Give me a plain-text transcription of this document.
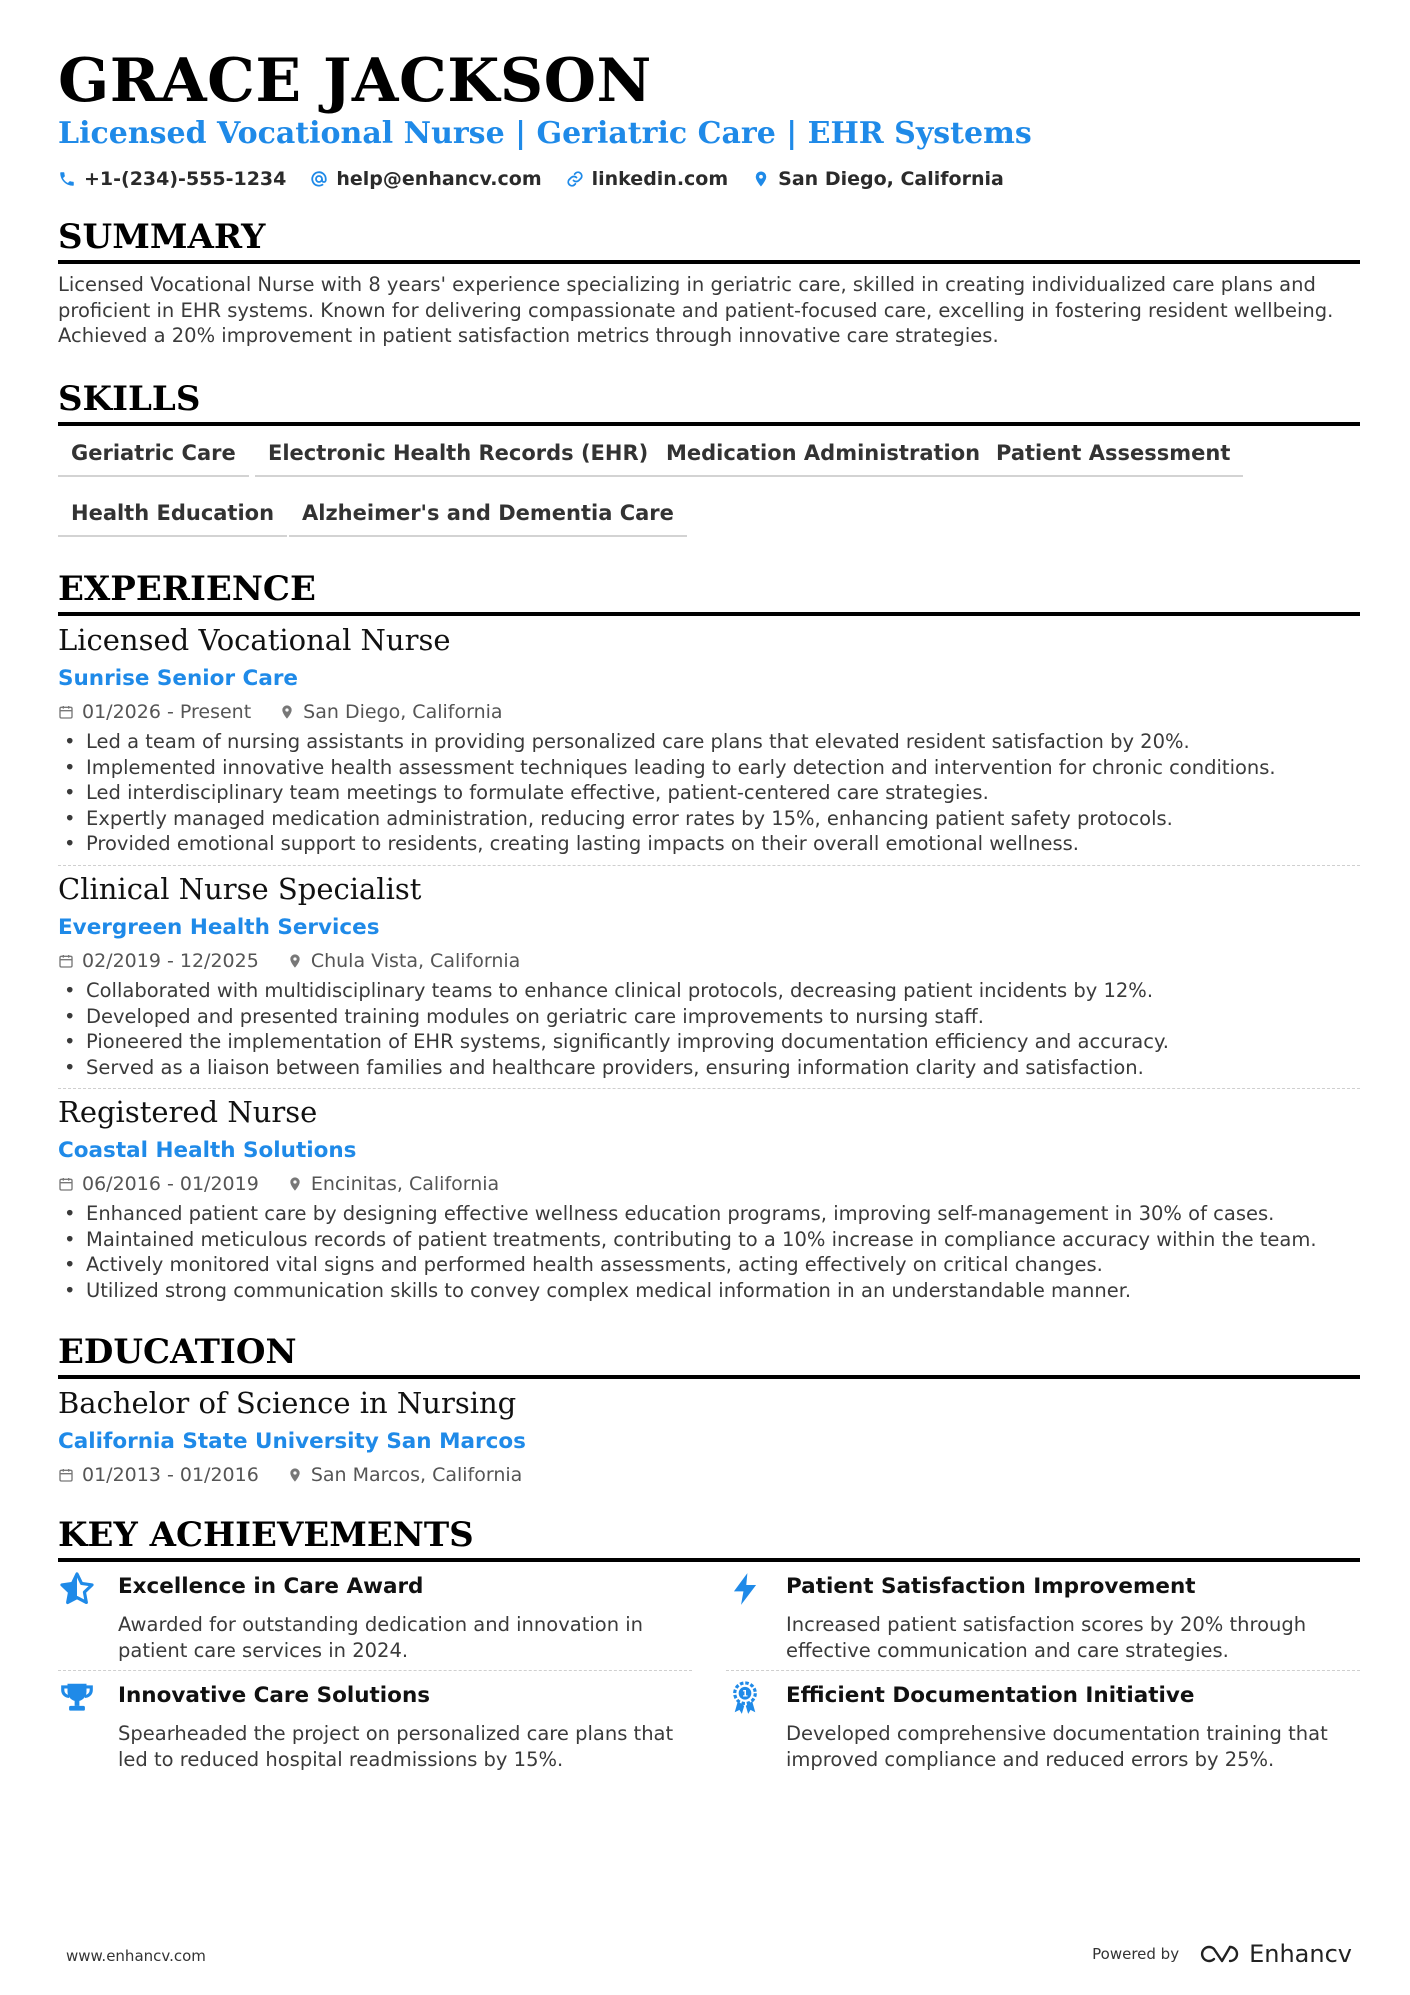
GRACE JACKSON
Licensed Vocational Nurse | Geriatric Care | EHR Systems
+1-(234)-555-1234	help@enhancv.com	linkedin.com	San Diego, California
SUMMARY
Licensed Vocational Nurse with 8 years' experience specializing in geriatric care, skilled in creating individualized care plans and proficient in EHR systems. Known for delivering compassionate and patient-focused care, excelling in fostering resident wellbeing. Achieved a 20% improvement in patient satisfaction metrics through innovative care strategies.
SKILLS
Geriatric Care	Electronic Health Records (EHR) Medication Administration Patient Assessment
Health Education	Alzheimer's and Dementia Care
EXPERIENCE
Licensed Vocational Nurse
Sunrise Senior Care
01/2026 - Present	San Diego, California
• Led a team of nursing assistants in providing personalized care plans that elevated resident satisfaction by 20%.
• Implemented innovative health assessment techniques leading to early detection and intervention for chronic conditions.
• Led interdisciplinary team meetings to formulate effective, patient-centered care strategies.
• Expertly managed medication administration, reducing error rates by 15%, enhancing patient safety protocols.
• Provided emotional support to residents, creating lasting impacts on their overall emotional wellness.
Clinical Nurse Specialist
Evergreen Health Services
02/2019 - 12/2025	Chula Vista, California
• Collaborated with multidisciplinary teams to enhance clinical protocols, decreasing patient incidents by 12%.
• Developed and presented training modules on geriatric care improvements to nursing staff.
• Pioneered the implementation of EHR systems, significantly improving documentation efficiency and accuracy.
• Served as a liaison between families and healthcare providers, ensuring information clarity and satisfaction.
Registered Nurse
Coastal Health Solutions
06/2016 - 01/2019	Encinitas, California
• Enhanced patient care by designing effective wellness education programs, improving self-management in 30% of cases.
• Maintained meticulous records of patient treatments, contributing to a 10% increase in compliance accuracy within the team.
• Actively monitored vital signs and performed health assessments, acting effectively on critical changes.
• Utilized strong communication skills to convey complex medical information in an understandable manner.
EDUCATION
Bachelor of Science in Nursing
California State University San Marcos
01/2013 - 01/2016	San Marcos, California
KEY ACHIEVEMENTS
Excellence in Care Award
Awarded for outstanding dedication and innovation in patient care services in 2024.
Patient Satisfaction Improvement
Increased patient satisfaction scores by 20% through effective communication and care strategies.
Innovative Care Solutions
Spearheaded the project on personalized care plans that led to reduced hospital readmissions by 15%.
1 Efficient Documentation Initiative
Developed comprehensive documentation training that improved compliance and reduced errors by 25%.
www.enhancv.com	Powered by	Enhancv
